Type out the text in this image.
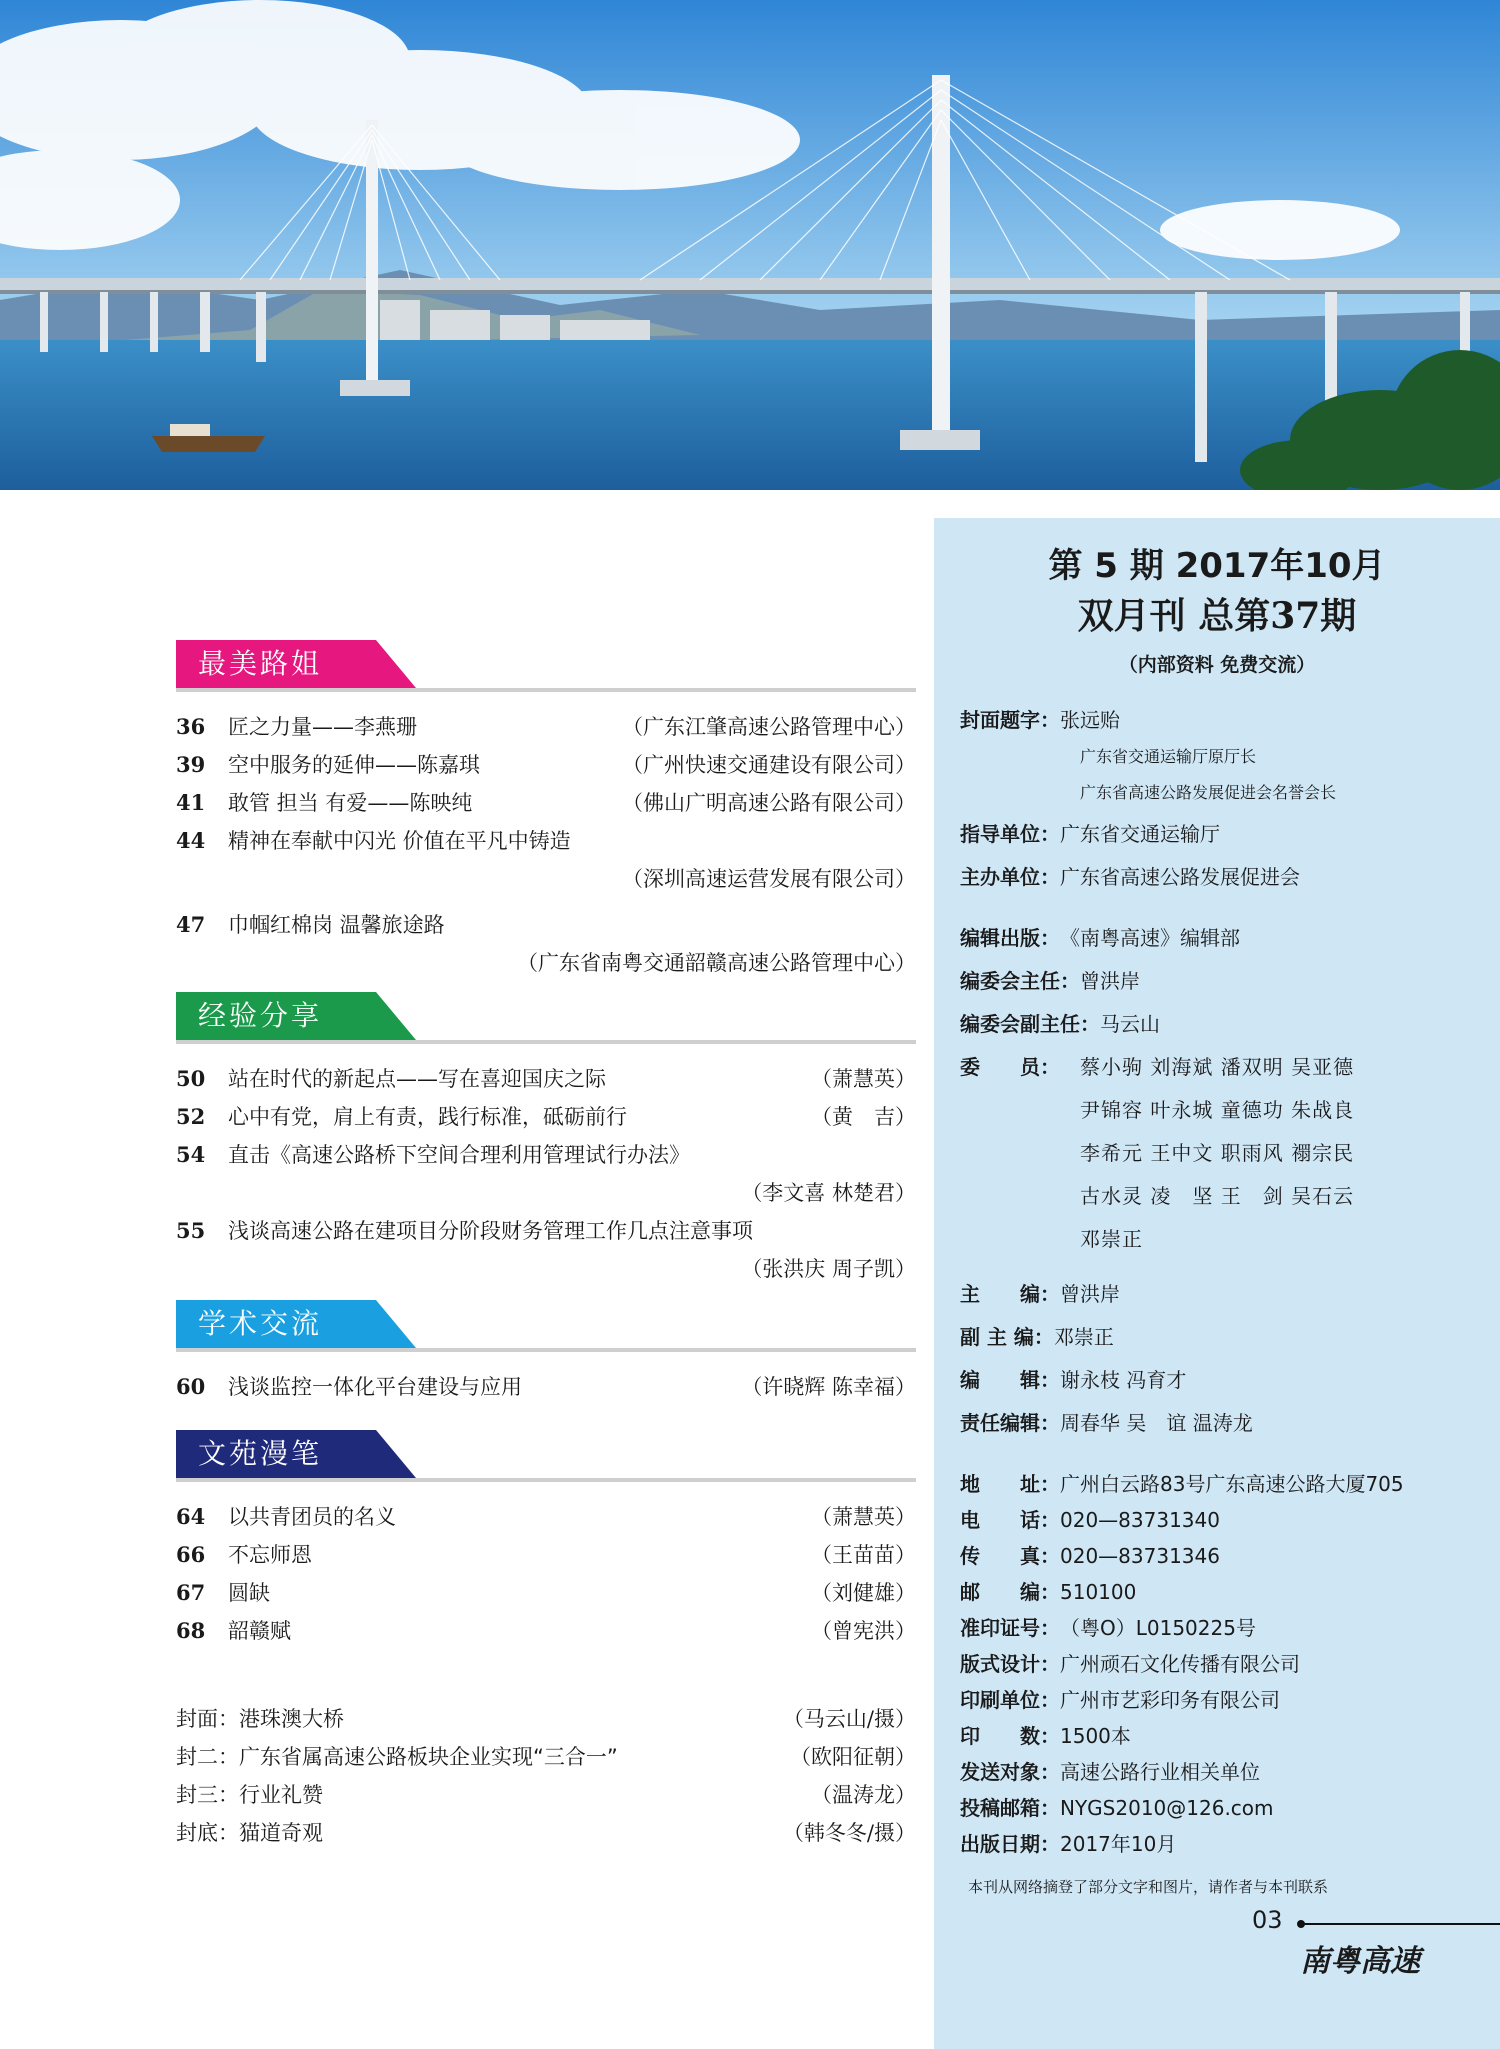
最美路姐
36 匠之力量——李燕珊	（广东江肇高速公路管理中心）
39 空中服务的延伸——陈嘉琪	（广州快速交通建设有限公司）
41 敢管 担当 有爱——陈映纯	（佛山广明高速公路有限公司）
44 精神在奉献中闪光 价值在平凡中铸造
（深圳高速运营发展有限公司）
47 巾帼红棉岗 温馨旅途路
（广东省南粤交通韶赣高速公路管理中心）
经验分享
50 站在时代的新起点——写在喜迎国庆之际	（萧慧英）
52 心中有党，肩上有责，践行标准，砥砺前行	（黄　吉）
54 直击《高速公路桥下空间合理利用管理试行办法》
（李文喜 林楚君）
55 浅谈高速公路在建项目分阶段财务管理工作几点注意事项
（张洪庆 周子凯）
学术交流
60 浅谈监控一体化平台建设与应用	（许晓辉 陈幸福）
文苑漫笔
64 以共青团员的名义	（萧慧英）
66 不忘师恩	（王苗苗）
67 圆缺	（刘健雄）
68 韶赣赋	（曾宪洪）
封面：港珠澳大桥	（马云山/摄）
封二：广东省属高速公路板块企业实现“三合一”	（欧阳征朝）
封三：行业礼赞	（温涛龙）
封底：猫道奇观	（韩冬冬/摄）
第 5 期 2017年10月
双月刊 总第37期
（内部资料 免费交流）
封面题字：张远贻
广东省交通运输厅原厅长
广东省高速公路发展促进会名誉会长
指导单位：广东省交通运输厅
主办单位：广东省高速公路发展促进会
编辑出版：《南粤高速》编辑部
编委会主任：曾洪岸
编委会副主任：马云山
委　　员： 蔡小驹 刘海斌 潘双明 吴亚德
尹锦容 叶永城 童德功 朱战良
李希元 王中文 职雨风 禤宗民
古水灵 凌　坚 王　剑 吴石云
邓崇正
主　　编：曾洪岸
副 主 编：邓崇正
编　　辑：谢永枝 冯育才
责任编辑：周春华 吴　谊 温涛龙
地　　址：广州白云路83号广东高速公路大厦705
电　　话：020—83731340
传　　真：020—83731346
邮　　编：510100
准印证号：（粤O）L0150225号
版式设计：广州顽石文化传播有限公司
印刷单位：广州市艺彩印务有限公司
印　　数：1500本
发送对象：高速公路行业相关单位
投稿邮箱：NYGS2010@126.com
出版日期：2017年10月
本刊从网络摘登了部分文字和图片，请作者与本刊联系
03
南粤高速
